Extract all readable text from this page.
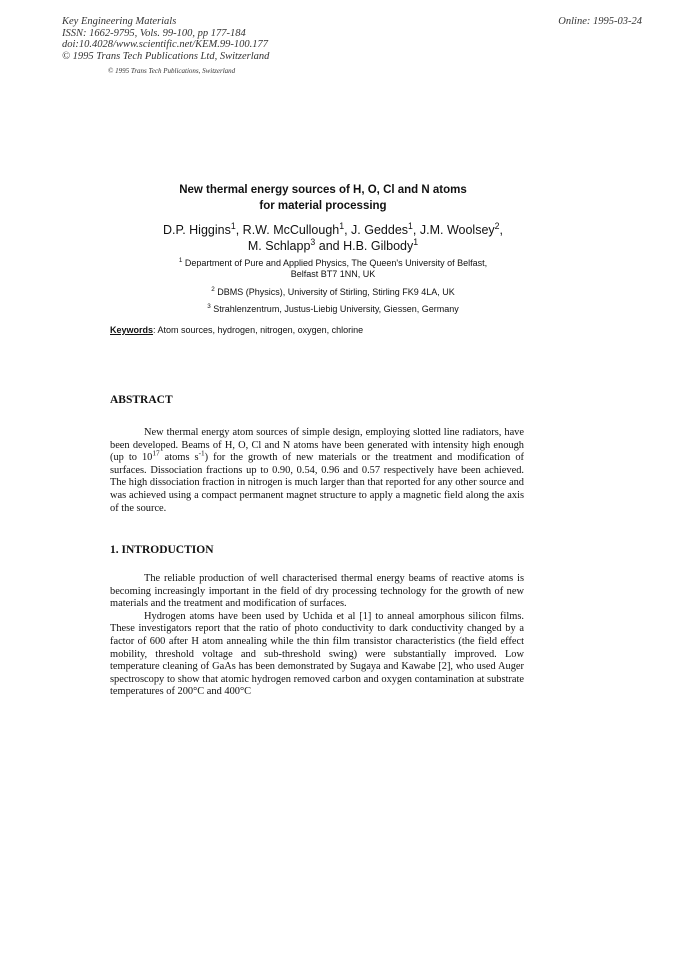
Key Engineering Materials
ISSN: 1662-9795, Vols. 99-100, pp 177-184
doi:10.4028/www.scientific.net/KEM.99-100.177
© 1995 Trans Tech Publications Ltd, Switzerland
Online: 1995-03-24
© 1995 Trans Tech Publications, Switzerland
New thermal energy sources of H, O, Cl and N atoms
for material processing
D.P. Higgins$^1$, R.W. McCullough$^1$, J. Geddes$^1$, J.M. Woolsey$^2$,
M. Schlapp$^3$ and H.B. Gilbody$^1$
$^1$ Department of Pure and Applied Physics, The Queen's University of Belfast,
Belfast BT7 1NN, UK
$^2$ DBMS (Physics), University of Stirling, Stirling FK9 4LA, UK
$^3$ Strahlenzentrum, Justus-Liebig University, Giessen, Germany
Keywords: Atom sources, hydrogen, nitrogen, oxygen, chlorine
ABSTRACT

New thermal energy atom sources of simple design, employing slotted line radiators, have been developed. Beams of H, O, Cl and N atoms have been generated with intensity high enough (up to $10^{17}$ atoms $s^{-1}$) for the growth of new materials or the treatment and modification of surfaces. Dissociation fractions up to 0.90, 0.54, 0.96 and 0.57 respectively have been achieved. The high dissociation fraction in nitrogen is much larger than that reported for any other source and was achieved using a compact permanent magnet structure to apply a magnetic field along the axis of the source.

1. INTRODUCTION

The reliable production of well characterised thermal energy beams of reactive atoms is becoming increasingly important in the field of dry processing technology for the growth of new materials and the treatment and modification of surfaces.

Hydrogen atoms have been used by Uchida et al [1] to anneal amorphous silicon films. These investigators report that the ratio of photo conductivity to dark conductivity changed by a factor of 600 after H atom annealing while the thin film transistor characteristics (the field effect mobility, threshold voltage and sub-threshold swing) were substantially improved. Low temperature cleaning of GaAs has been demonstrated by Sugaya and Kawabe [2], who used Auger spectroscopy to show that atomic hydrogen removed carbon and oxygen contamination at substrate temperatures of 200°C and 400°C
